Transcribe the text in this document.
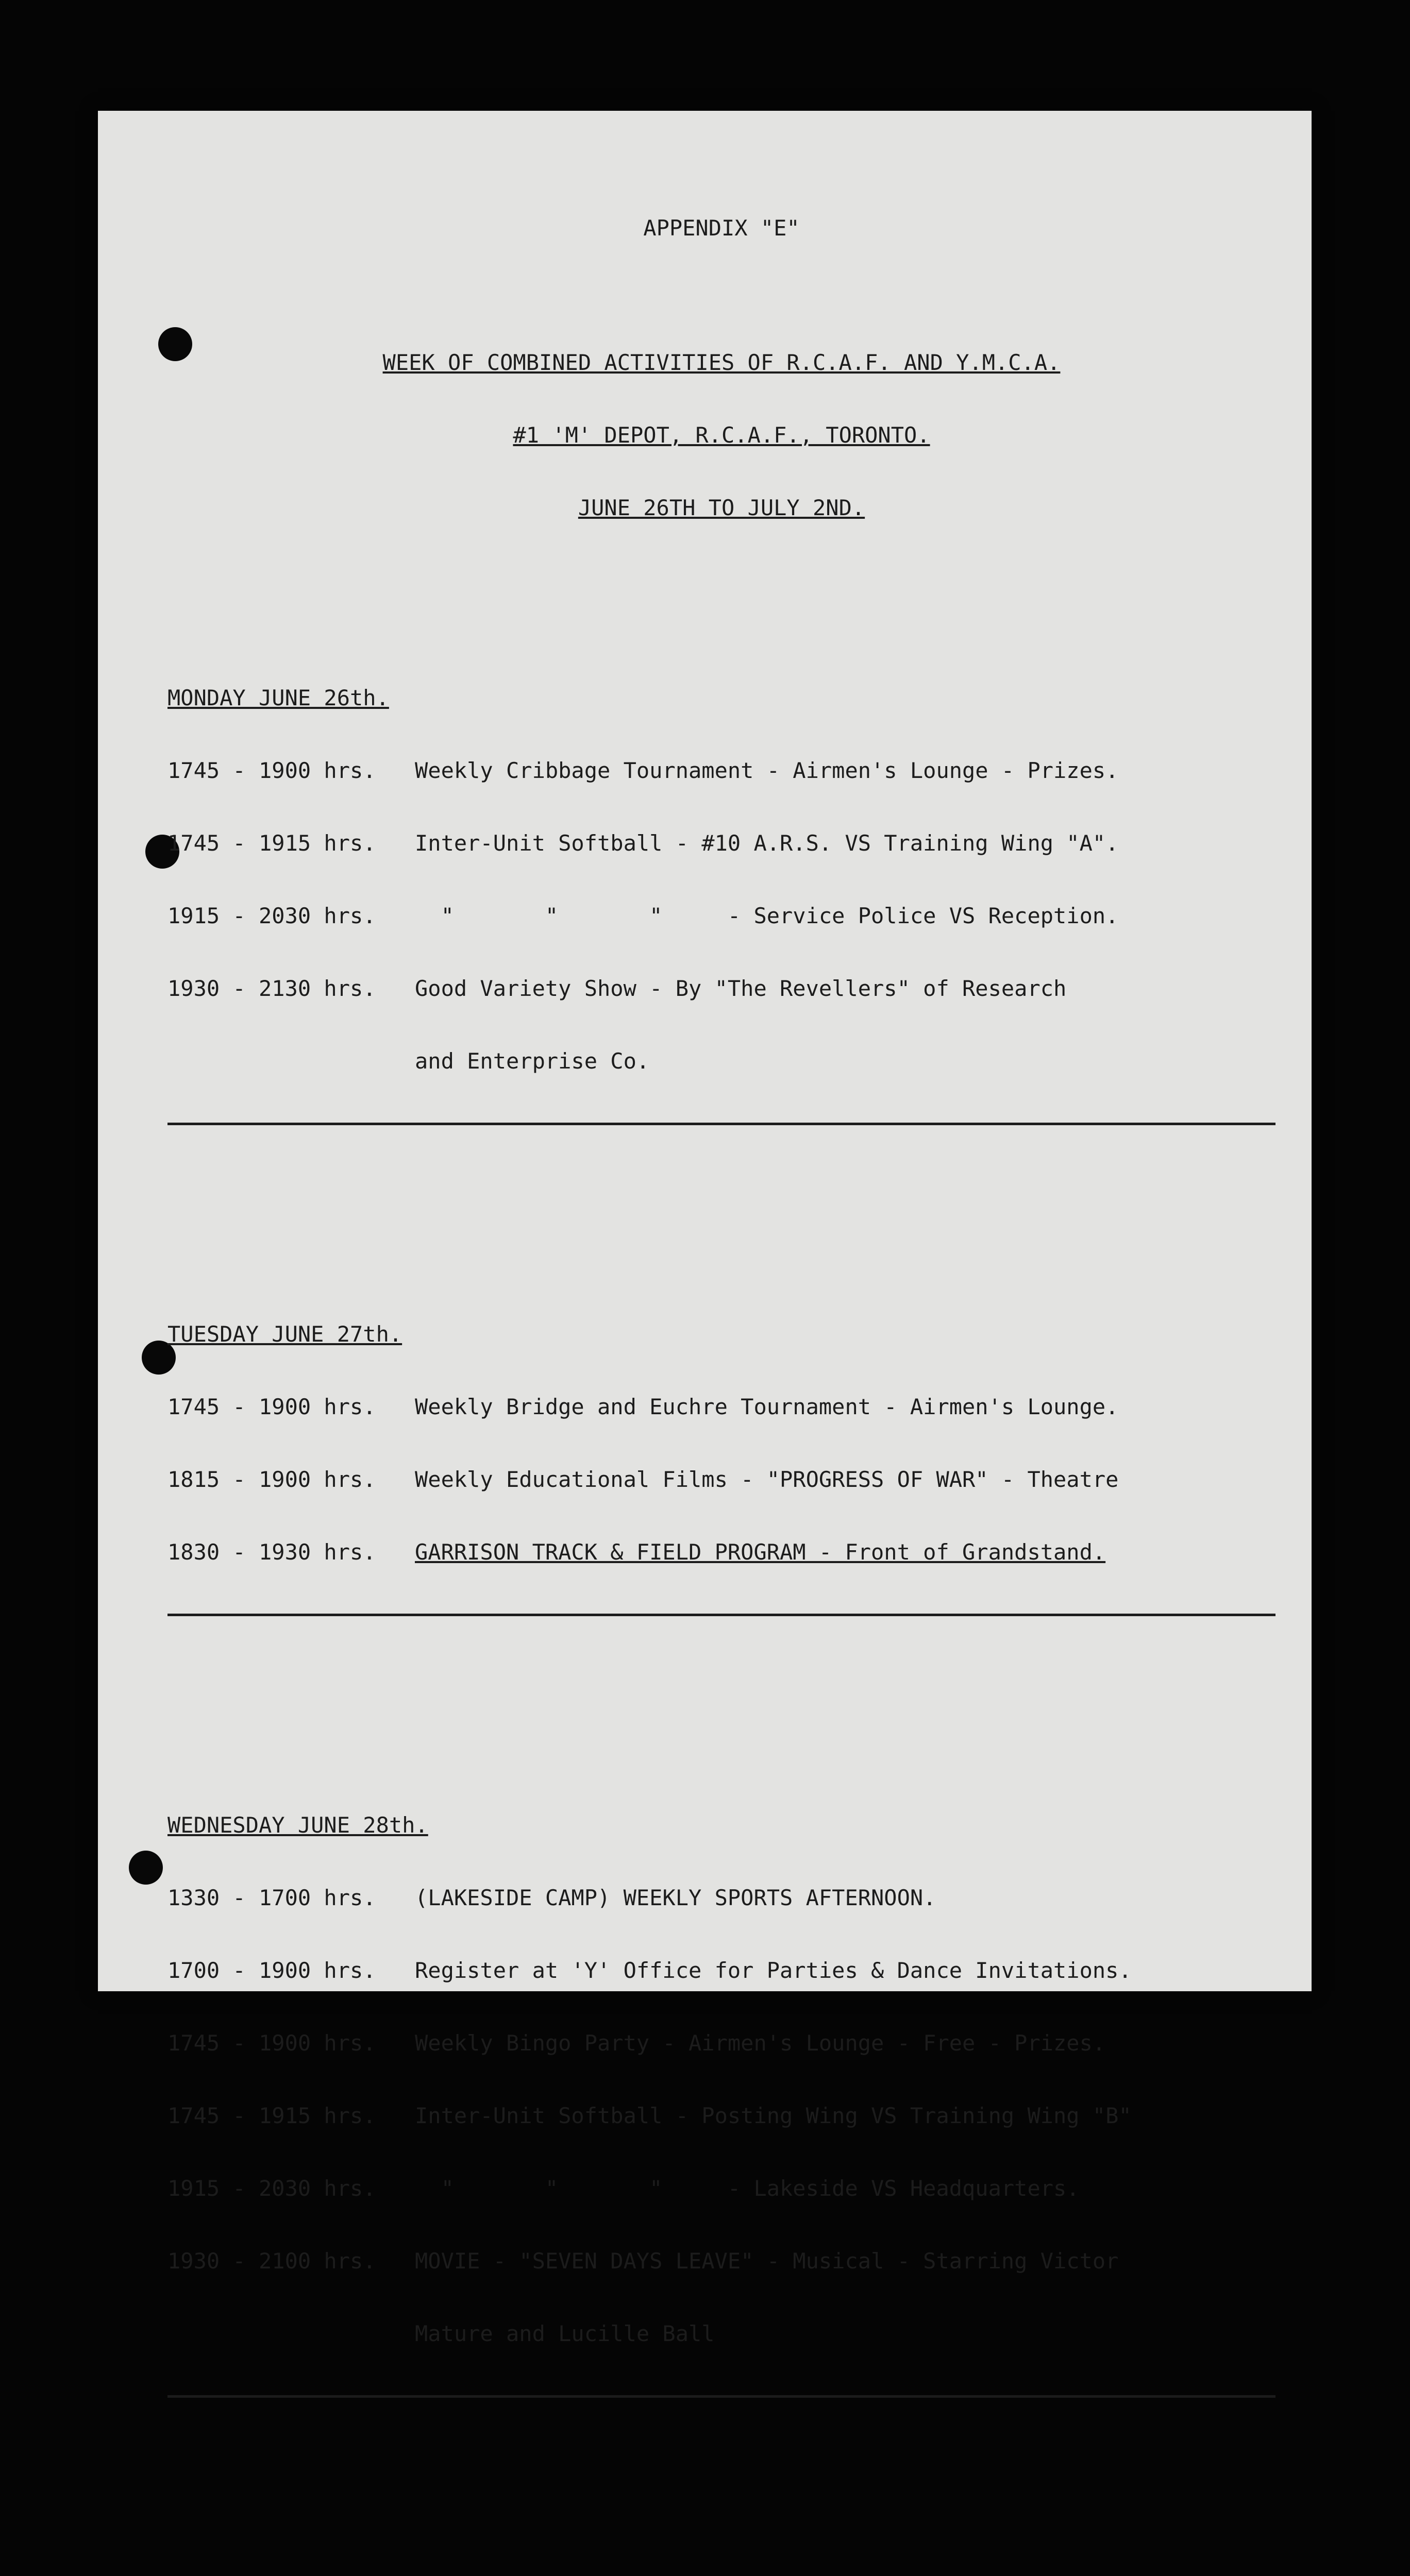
APPENDIX "E"

WEEK OF COMBINED ACTIVITIES OF R.C.A.F. AND Y.M.C.A.

#1 'M' DEPOT, R.C.A.F., TORONTO.

JUNE 26TH TO JULY 2ND.

MONDAY JUNE 26th.

1745 - 1900 hrs.	Weekly Cribbage Tournament - Airmen's Lounge - Prizes.

1745 - 1915 hrs.	Inter-Unit Softball - #10 A.R.S. VS Training Wing "A".

1915 - 2030 hrs.	"       "       "     - Service Police VS Reception.

1930 - 2130 hrs.	Good Variety Show - By "The Revellers" of Research

and Enterprise Co.

TUESDAY JUNE 27th.

1745 - 1900 hrs.	Weekly Bridge and Euchre Tournament - Airmen's Lounge.

1815 - 1900 hrs.	Weekly Educational Films - "PROGRESS OF WAR" - Theatre

1830 - 1930 hrs.	GARRISON TRACK & FIELD PROGRAM - Front of Grandstand.

WEDNESDAY JUNE 28th.

1330 - 1700 hrs.	(LAKESIDE CAMP) WEEKLY SPORTS AFTERNOON.

1700 - 1900 hrs.	Register at 'Y' Office for Parties & Dance Invitations.

1745 - 1900 hrs.	Weekly Bingo Party - Airmen's Lounge - Free - Prizes.

1745 - 1915 hrs.	Inter-Unit Softball - Posting Wing VS Training Wing "B"

1915 - 2030 hrs.	"       "       "     - Lakeside VS Headquarters.

1930 - 2100 hrs.	MOVIE - "SEVEN DAYS LEAVE" - Musical - Starring Victor

Mature and Lucille Ball
